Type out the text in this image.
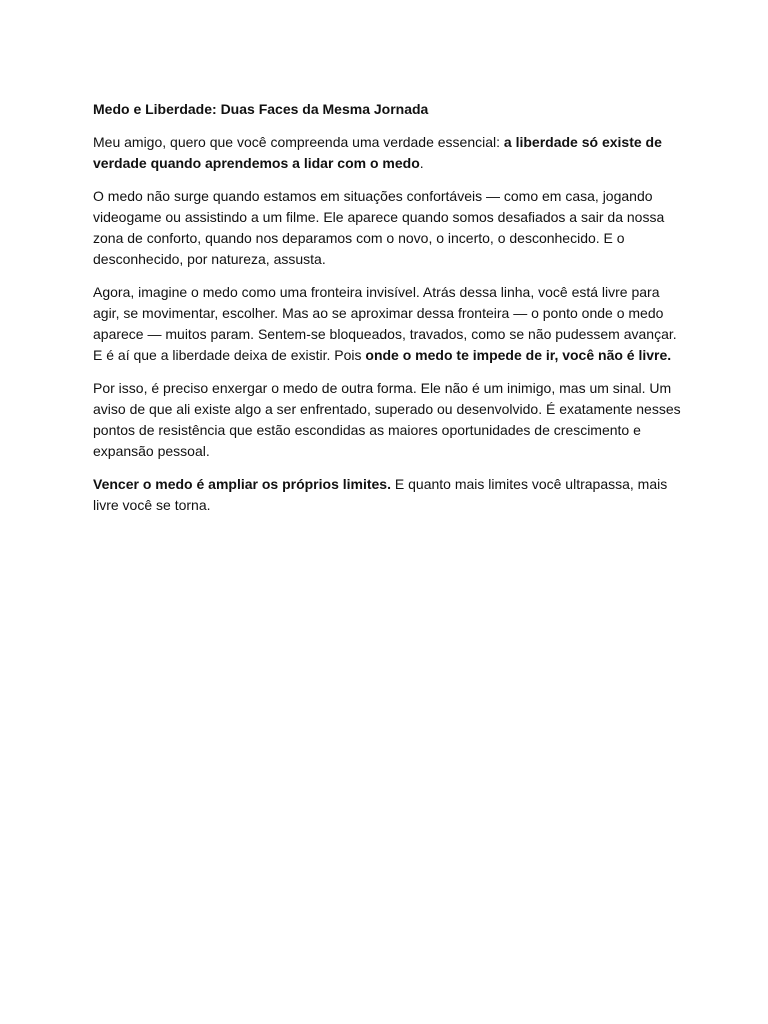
Medo e Liberdade: Duas Faces da Mesma Jornada

Meu amigo, quero que você compreenda uma verdade essencial: a liberdade só existe de verdade quando aprendemos a lidar com o medo.

O medo não surge quando estamos em situações confortáveis — como em casa, jogando videogame ou assistindo a um filme. Ele aparece quando somos desafiados a sair da nossa zona de conforto, quando nos deparamos com o novo, o incerto, o desconhecido. E o desconhecido, por natureza, assusta.

Agora, imagine o medo como uma fronteira invisível. Atrás dessa linha, você está livre para agir, se movimentar, escolher. Mas ao se aproximar dessa fronteira — o ponto onde o medo aparece — muitos param. Sentem-se bloqueados, travados, como se não pudessem avançar. E é aí que a liberdade deixa de existir. Pois onde o medo te impede de ir, você não é livre.

Por isso, é preciso enxergar o medo de outra forma. Ele não é um inimigo, mas um sinal. Um aviso de que ali existe algo a ser enfrentado, superado ou desenvolvido. É exatamente nesses pontos de resistência que estão escondidas as maiores oportunidades de crescimento e expansão pessoal.

Vencer o medo é ampliar os próprios limites. E quanto mais limites você ultrapassa, mais livre você se torna.
